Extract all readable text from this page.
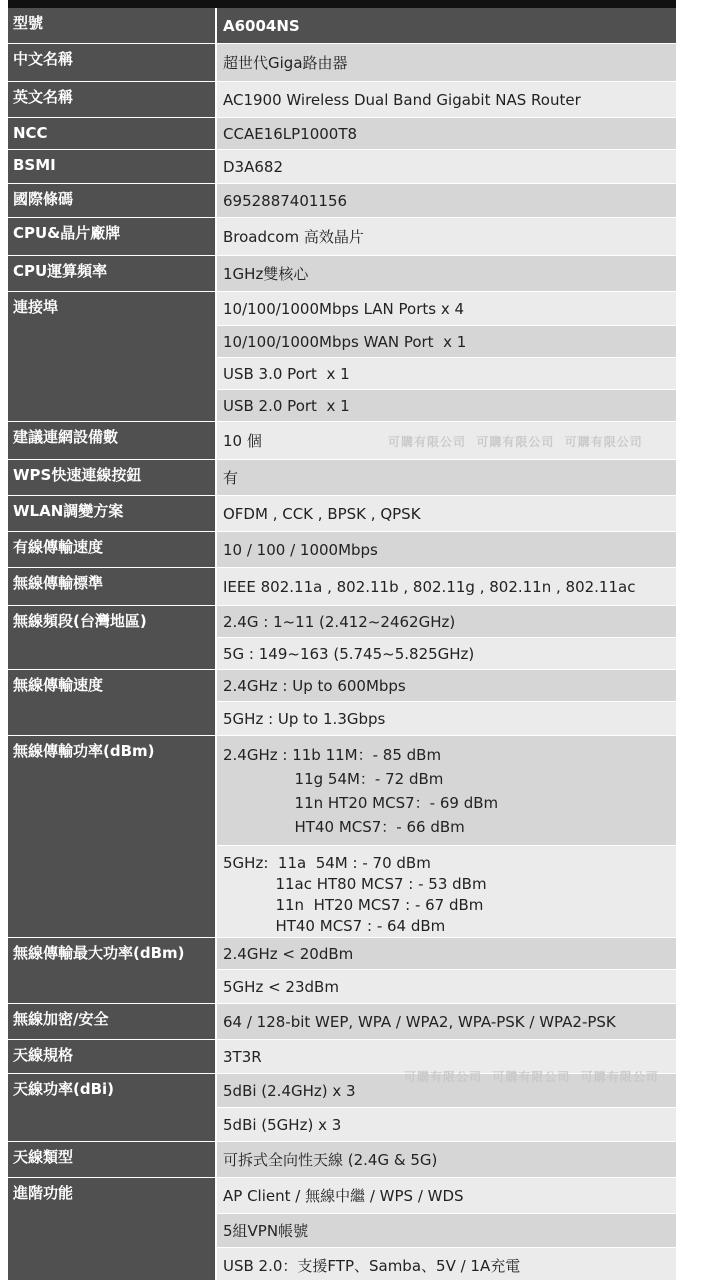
型號	A6004NS
中文名稱	超世代Giga路由器
英文名稱	AC1900 Wireless Dual Band Gigabit NAS Router
NCC	CCAE16LP1000T8
BSMI	D3A682
國際條碼	6952887401156
CPU&晶片廠牌	Broadcom 高效晶片
CPU運算頻率	1GHz雙核心
連接埠	10/100/1000Mbps LAN Ports x 4
10/100/1000Mbps WAN Port  x 1
USB 3.0 Port  x 1
USB 2.0 Port  x 1
建議連網設備數	10 個
WPS快速連線按鈕	有
WLAN調變方案	OFDM , CCK , BPSK , QPSK
有線傳輸速度	10 / 100 / 1000Mbps
無線傳輸標準	IEEE 802.11a , 802.11b , 802.11g , 802.11n , 802.11ac
無線頻段(台灣地區)	2.4G : 1~11 (2.412~2462GHz)
5G : 149~163 (5.745~5.825GHz)
無線傳輸速度	2.4GHz : Up to 600Mbps
5GHz : Up to 1.3Gbps
無線傳輸功率(dBm)	2.4GHz : 11b 11M：- 85 dBm
11g 54M：- 72 dBm
11n HT20 MCS7：- 69 dBm
HT40 MCS7：- 66 dBm
5GHz:  11a  54M : - 70 dBm
11ac HT80 MCS7 : - 53 dBm
11n  HT20 MCS7 : - 67 dBm
HT40 MCS7 : - 64 dBm
無線傳輸最大功率(dBm)	2.4GHz < 20dBm
5GHz < 23dBm
無線加密/安全	64 / 128-bit WEP, WPA / WPA2, WPA-PSK / WPA2-PSK
天線規格	3T3R
天線功率(dBi)	5dBi (2.4GHz) x 3
5dBi (5GHz) x 3
天線類型	可拆式全向性天線 (2.4G & 5G)
進階功能	AP Client / 無線中繼 / WPS / WDS
5組VPN帳號
USB 2.0：支援FTP、Samba、5V / 1A充電
可購有限公司  可購有限公司  可購有限公司
可購有限公司  可購有限公司  可購有限公司
